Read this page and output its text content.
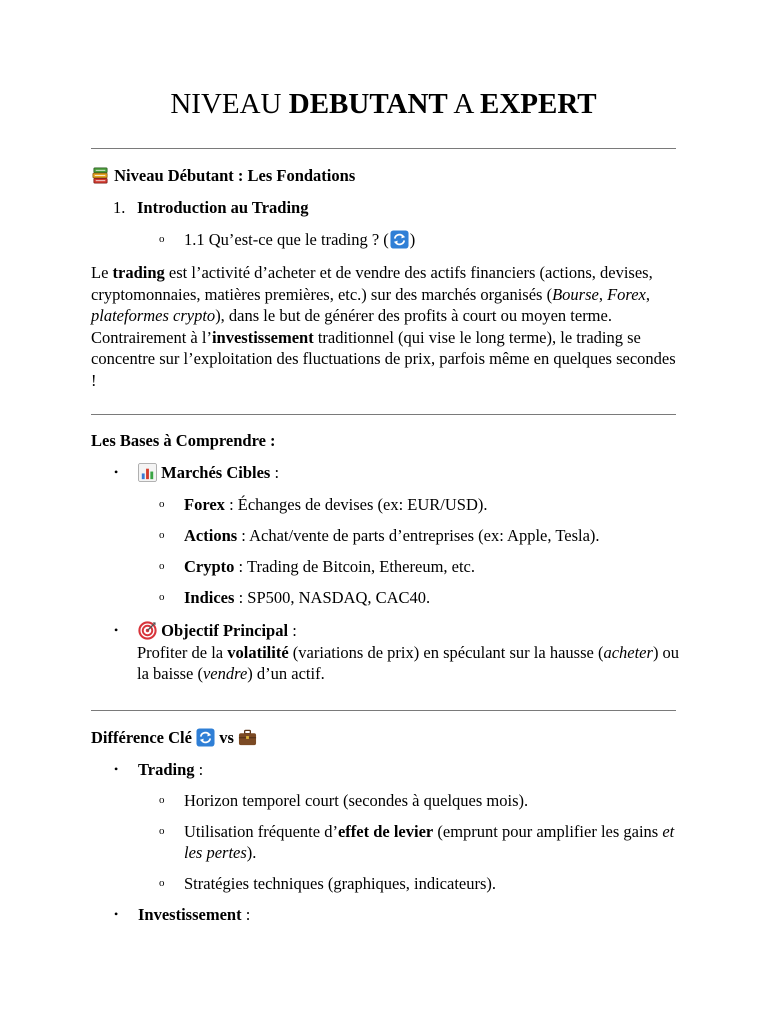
NIVEAU DEBUTANT A EXPERT
Niveau Débutant : Les Fondations
1. Introduction au Trading
o 1.1 Qu’est-ce que le trading ? ( )
Le trading est l’activité d’acheter et de vendre des actifs financiers (actions, devises, cryptomonnaies, matières premières, etc.) sur des marchés organisés (Bourse, Forex, plateformes crypto), dans le but de générer des profits à court ou moyen terme. Contrairement à l’investissement traditionnel (qui vise le long terme), le trading se concentre sur l’exploitation des fluctuations de prix, parfois même en quelques secondes !
Les Bases à Comprendre :
•	Marchés Cibles :
o Forex : Échanges de devises (ex: EUR/USD).
o Actions : Achat/vente de parts d’entreprises (ex: Apple, Tesla).
o Crypto : Trading de Bitcoin, Ethereum, etc.
o Indices : SP500, NASDAQ, CAC40.
•	Objectif Principal :
Profiter de la volatilité (variations de prix) en spéculant sur la hausse (acheter) ou la baisse (vendre) d’un actif.
Différence Clé  vs
• Trading :
o Horizon temporel court (secondes à quelques mois).
o Utilisation fréquente d’effet de levier (emprunt pour amplifier les gains et les pertes).
o Stratégies techniques (graphiques, indicateurs).
• Investissement :
